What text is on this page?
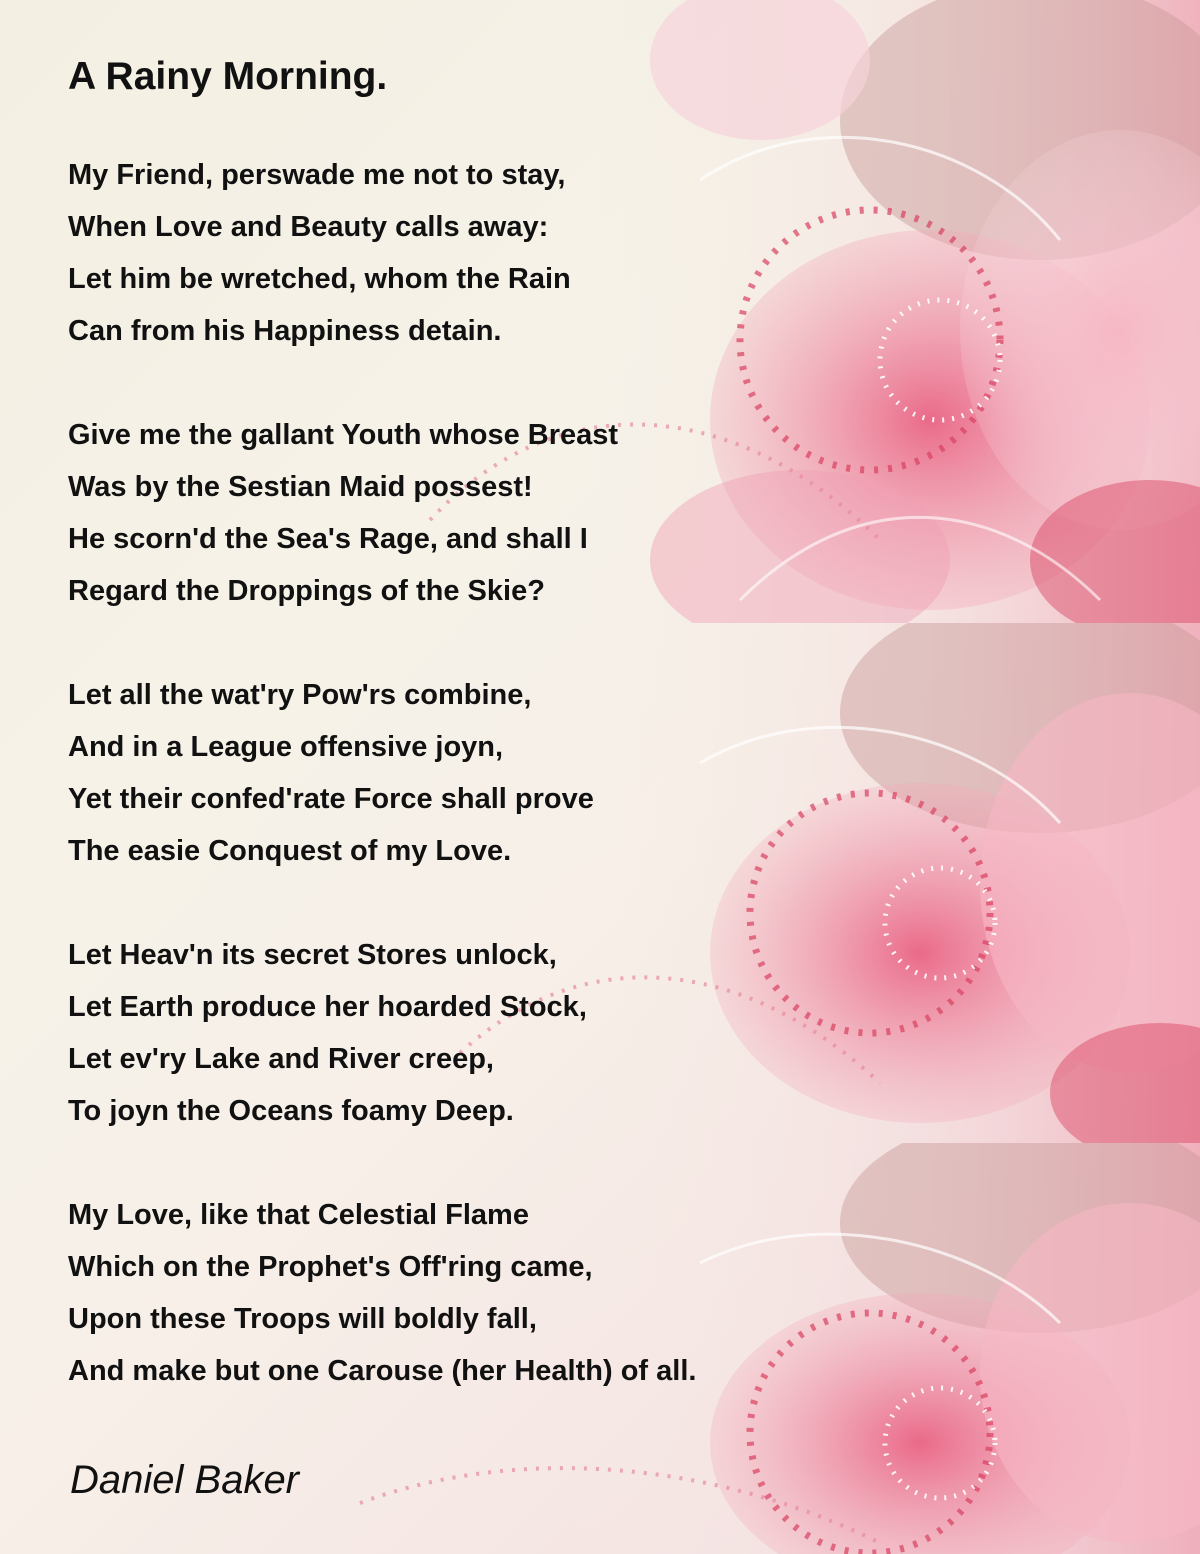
A Rainy Morning.
My Friend, perswade me not to stay,
When Love and Beauty calls away:
Let him be wretched, whom the Rain
Can from his Happiness detain.
Give me the gallant Youth whose Breast
Was by the Sestian Maid possest!
He scorn'd the Sea's Rage, and shall I
Regard the Droppings of the Skie?
Let all the wat'ry Pow'rs combine,
And in a League offensive joyn,
Yet their confed'rate Force shall prove
The easie Conquest of my Love.
Let Heav'n its secret Stores unlock,
Let Earth produce her hoarded Stock,
Let ev'ry Lake and River creep,
To joyn the Oceans foamy Deep.
My Love, like that Celestial Flame
Which on the Prophet's Off'ring came,
Upon these Troops will boldly fall,
And make but one Carouse (her Health) of all.
Daniel Baker
